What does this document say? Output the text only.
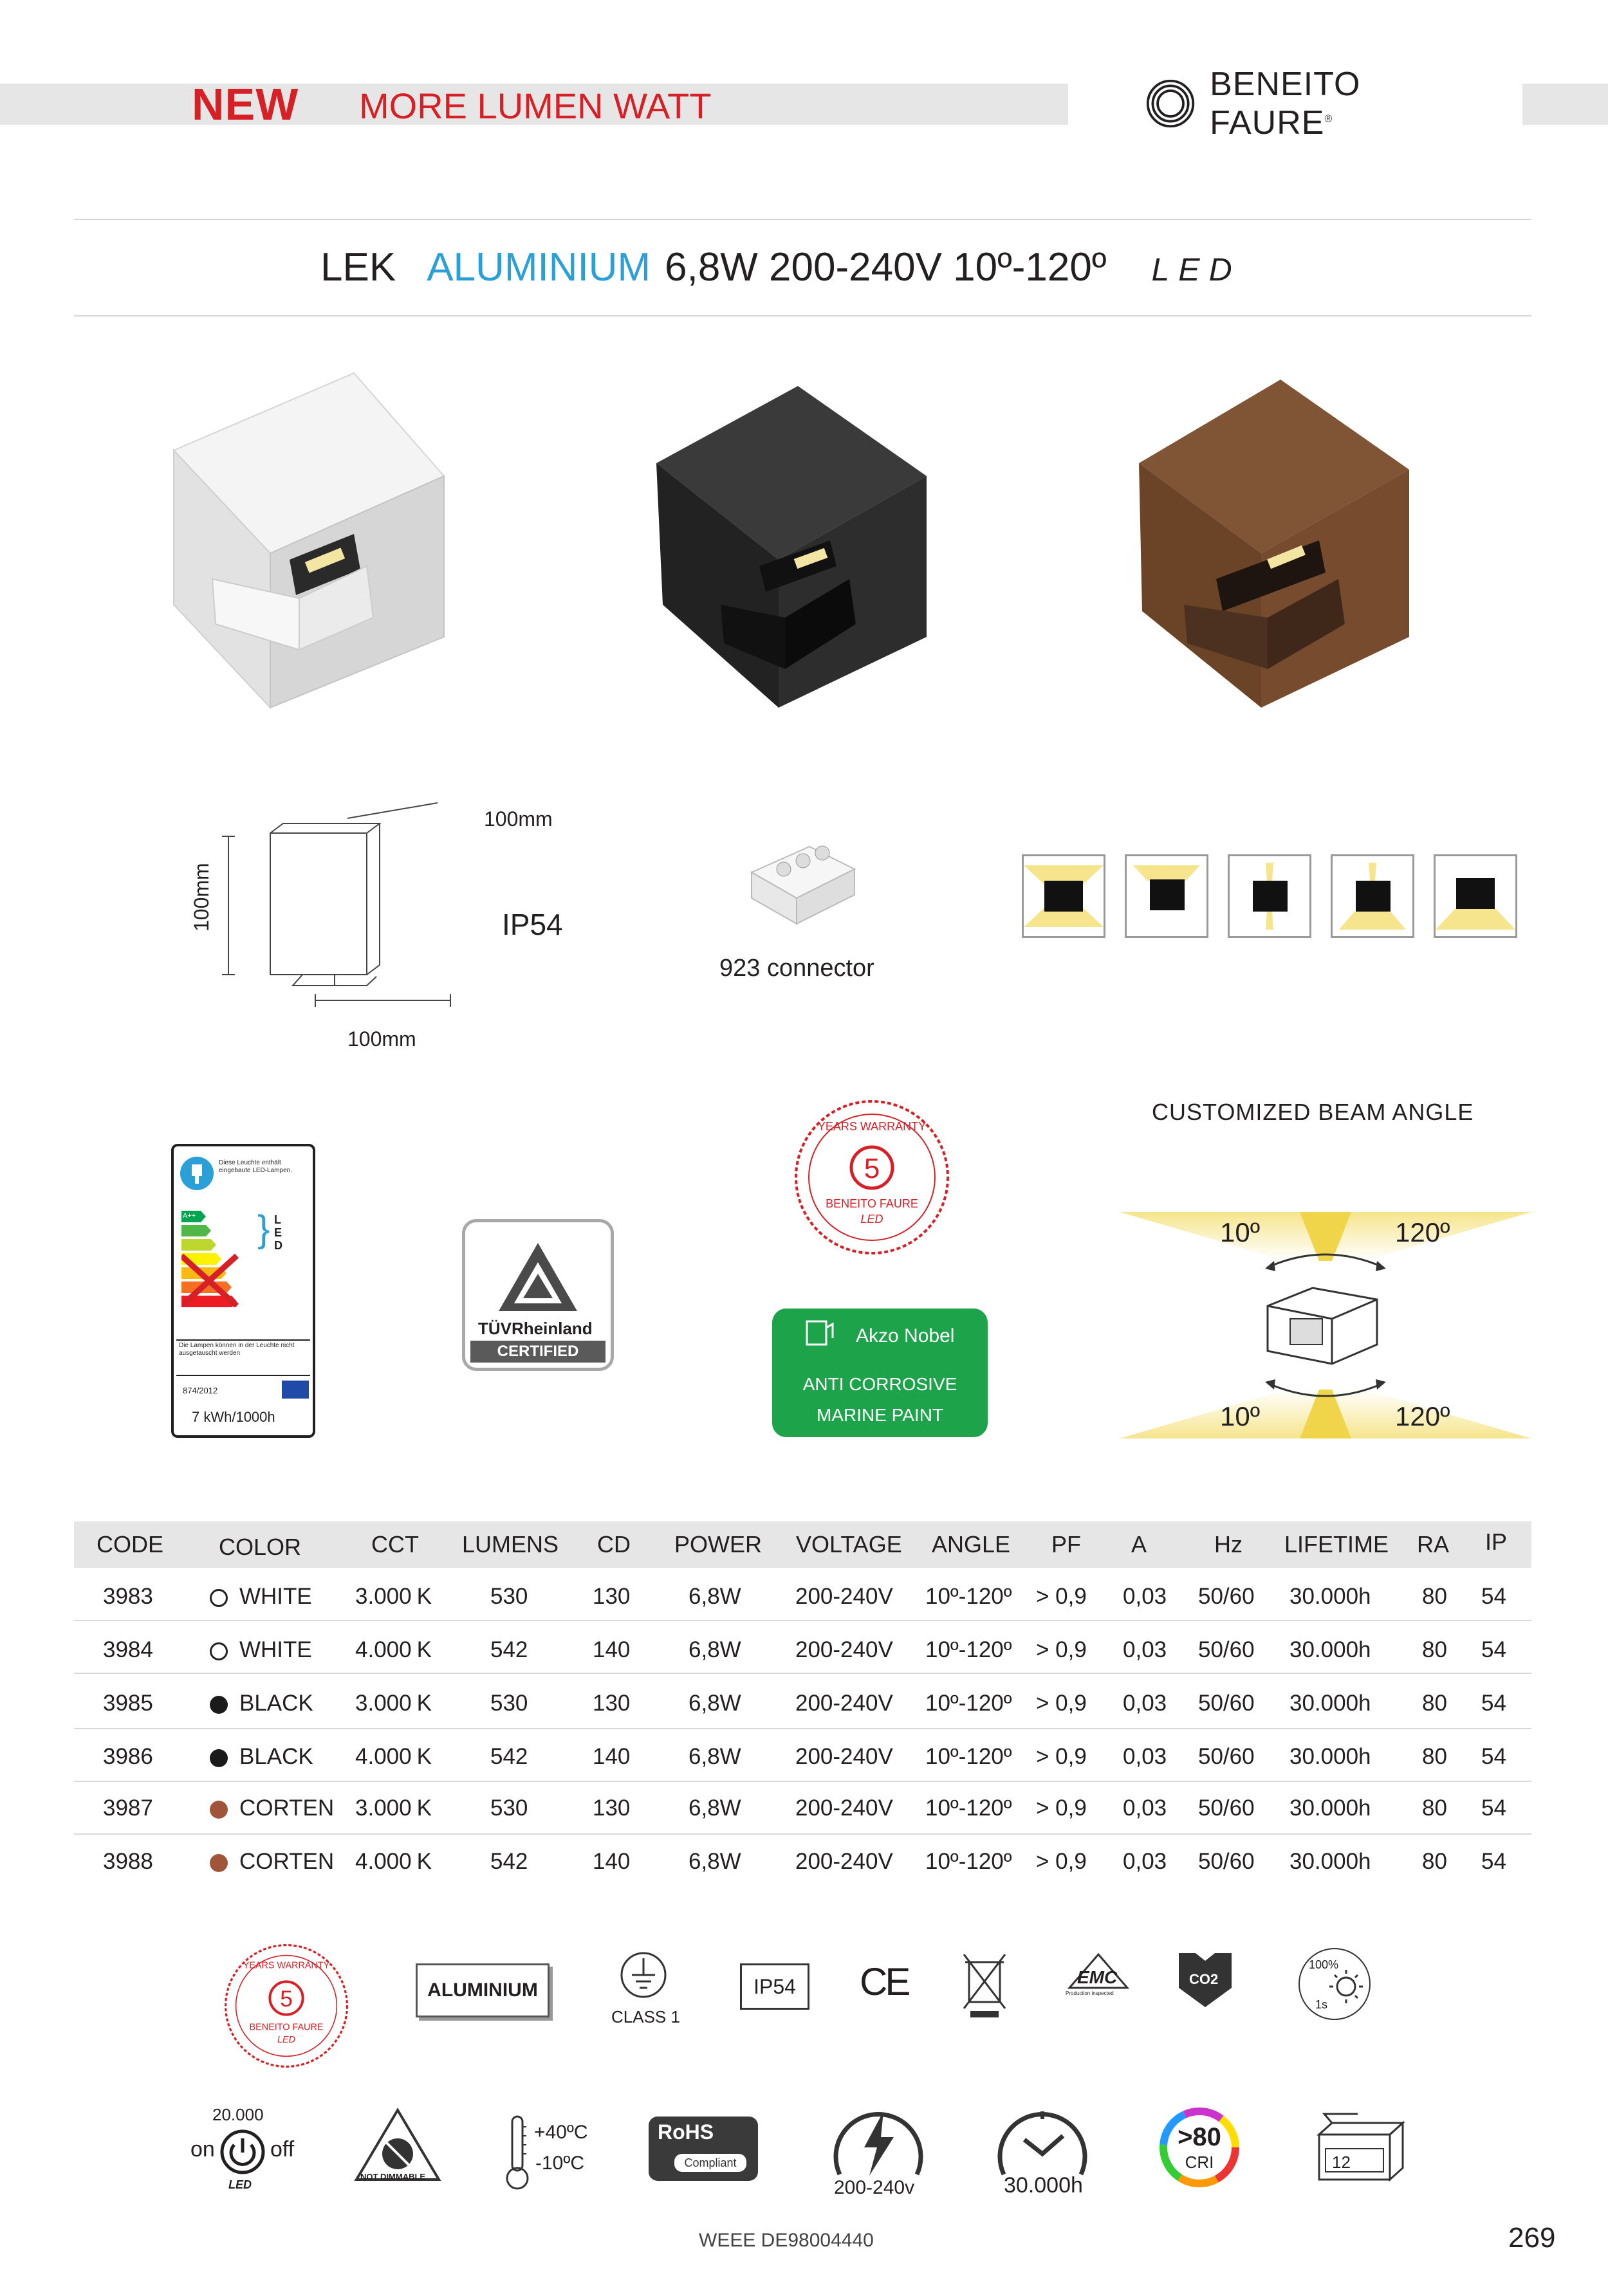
NEW MORE LUMEN WATT
BENEITO FAURE®
LEK ALUMINIUM 6,8W 200-240V 10º-120º LED
100mm
100mm
100mm
IP54
923 connector
CUSTOMIZED BEAM ANGLE
10º	120º
10º	120º
Diese Leuchte enthält eingebaute LED-Lampen.
A++ } L
E
D
Die Lampen können in der Leuchte nicht ausgetauscht werden
874/2012
7 kWh/1000h
TÜVRheinland
CERTIFIED
5
YEARS WARRANTY
BENEITO FAURE
LED
Akzo Nobel
ANTI CORROSIVE
MARINE PAINT
CODE COLOR	CCT LUMENS CD POWER VOLTAGE ANGLE PF A	Hz LIFETIME RA IP
3983	WHITE 3.000 K	530	130	6,8W 200-240V 10º-120º > 0,9 0,03 50/60 30.000h 80 54
3984	WHITE 4.000 K	542	140	6,8W 200-240V 10º-120º > 0,9 0,03 50/60 30.000h 80 54
3985	BLACK 3.000 K	530	130	6,8W 200-240V 10º-120º > 0,9 0,03 50/60 30.000h 80 54
3986	BLACK 4.000 K	542	140	6,8W 200-240V 10º-120º > 0,9 0,03 50/60 30.000h 80 54
3987	CORTEN 3.000 K	530	130	6,8W 200-240V 10º-120º > 0,9 0,03 50/60 30.000h 80 54
3988	CORTEN 4.000 K	542	140	6,8W 200-240V 10º-120º > 0,9 0,03 50/60 30.000h 80 54
5
YEARS WARRANTY
BENEITO FAURE
LED
ALUMINIUM
CLASS 1
IP54	CE	EMC
Production inspected
CO2
100%
1s
20.000
on	off
LED
NOT DIMMABLE
+40ºC
-10ºC
RoHS
Compliant
200-240v	30.000h
>80
CRI	12
WEEE DE98004440	269
